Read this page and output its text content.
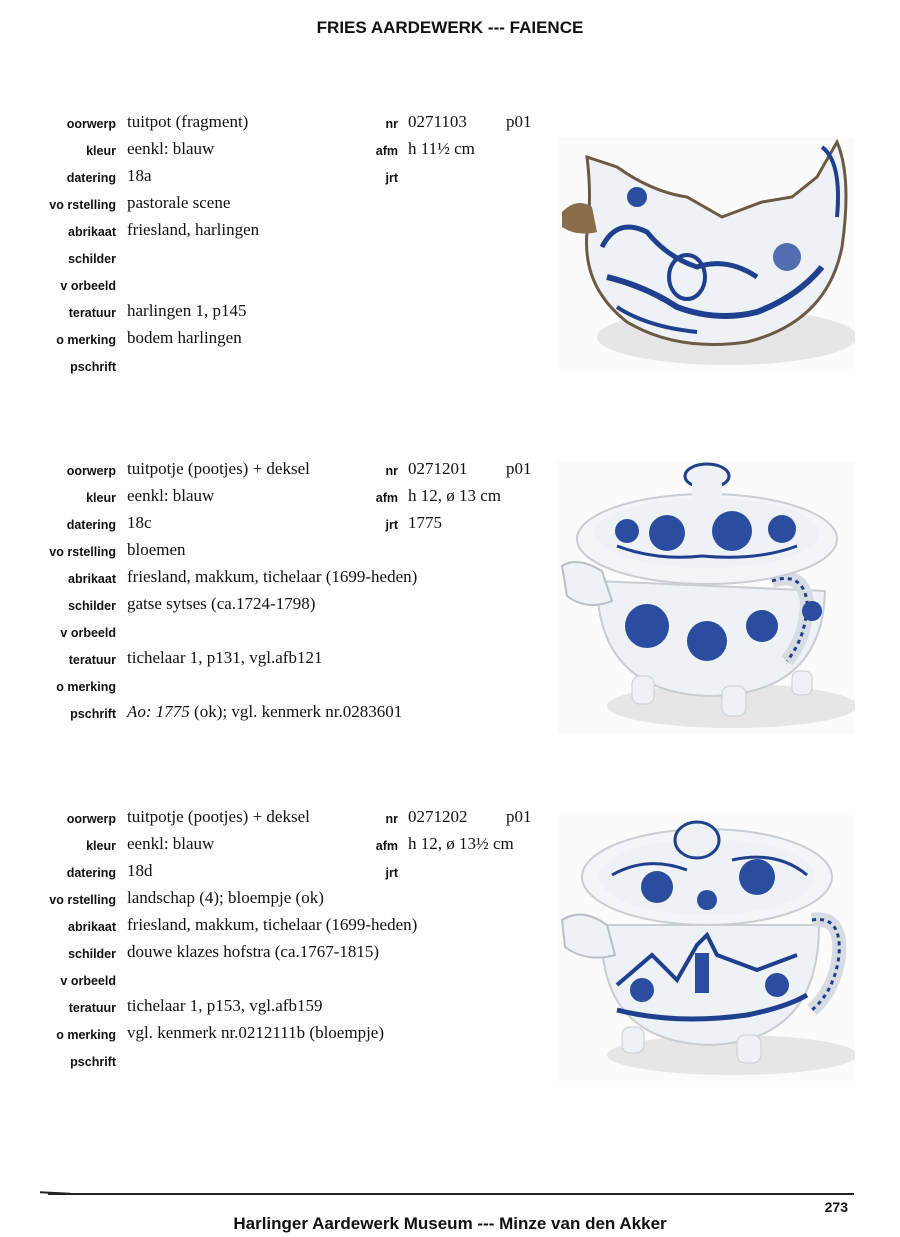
FRIES AARDEWERK --- FAIENCE
oorwerp
kleur
datering
vo rstelling
abrikaat
schilder
v orbeeld
teratuur
o merking
pschrift
tuitpot (fragment)
eenkl: blauw
18a
pastorale scene
friesland, harlingen
harlingen 1, p145
bodem harlingen
nr
afm
jrt
0271103 p01
h 11½ cm
oorwerp
kleur
datering
vo rstelling
abrikaat
schilder
v orbeeld
teratuur
o merking
pschrift
tuitpotje (pootjes) + deksel
eenkl: blauw
18c
bloemen
friesland, makkum, tichelaar (1699-heden)
gatse sytses (ca.1724-1798)
tichelaar 1, p131, vgl.afb121
Ao: 1775 (ok); vgl. kenmerk nr.0283601
nr
afm
jrt
0271201 p01
h 12, ø 13 cm
1775
oorwerp
kleur
datering
vo rstelling
abrikaat
schilder
v orbeeld
teratuur
o merking
pschrift
tuitpotje (pootjes) + deksel
eenkl: blauw
18d
landschap (4); bloempje (ok)
friesland, makkum, tichelaar (1699-heden)
douwe klazes hofstra (ca.1767-1815)
tichelaar 1, p153, vgl.afb159
vgl. kenmerk nr.0212111b (bloempje)
nr
afm
jrt
0271202 p01
h 12, ø 13½ cm
273
Harlinger Aardewerk Museum --- Minze van den Akker
